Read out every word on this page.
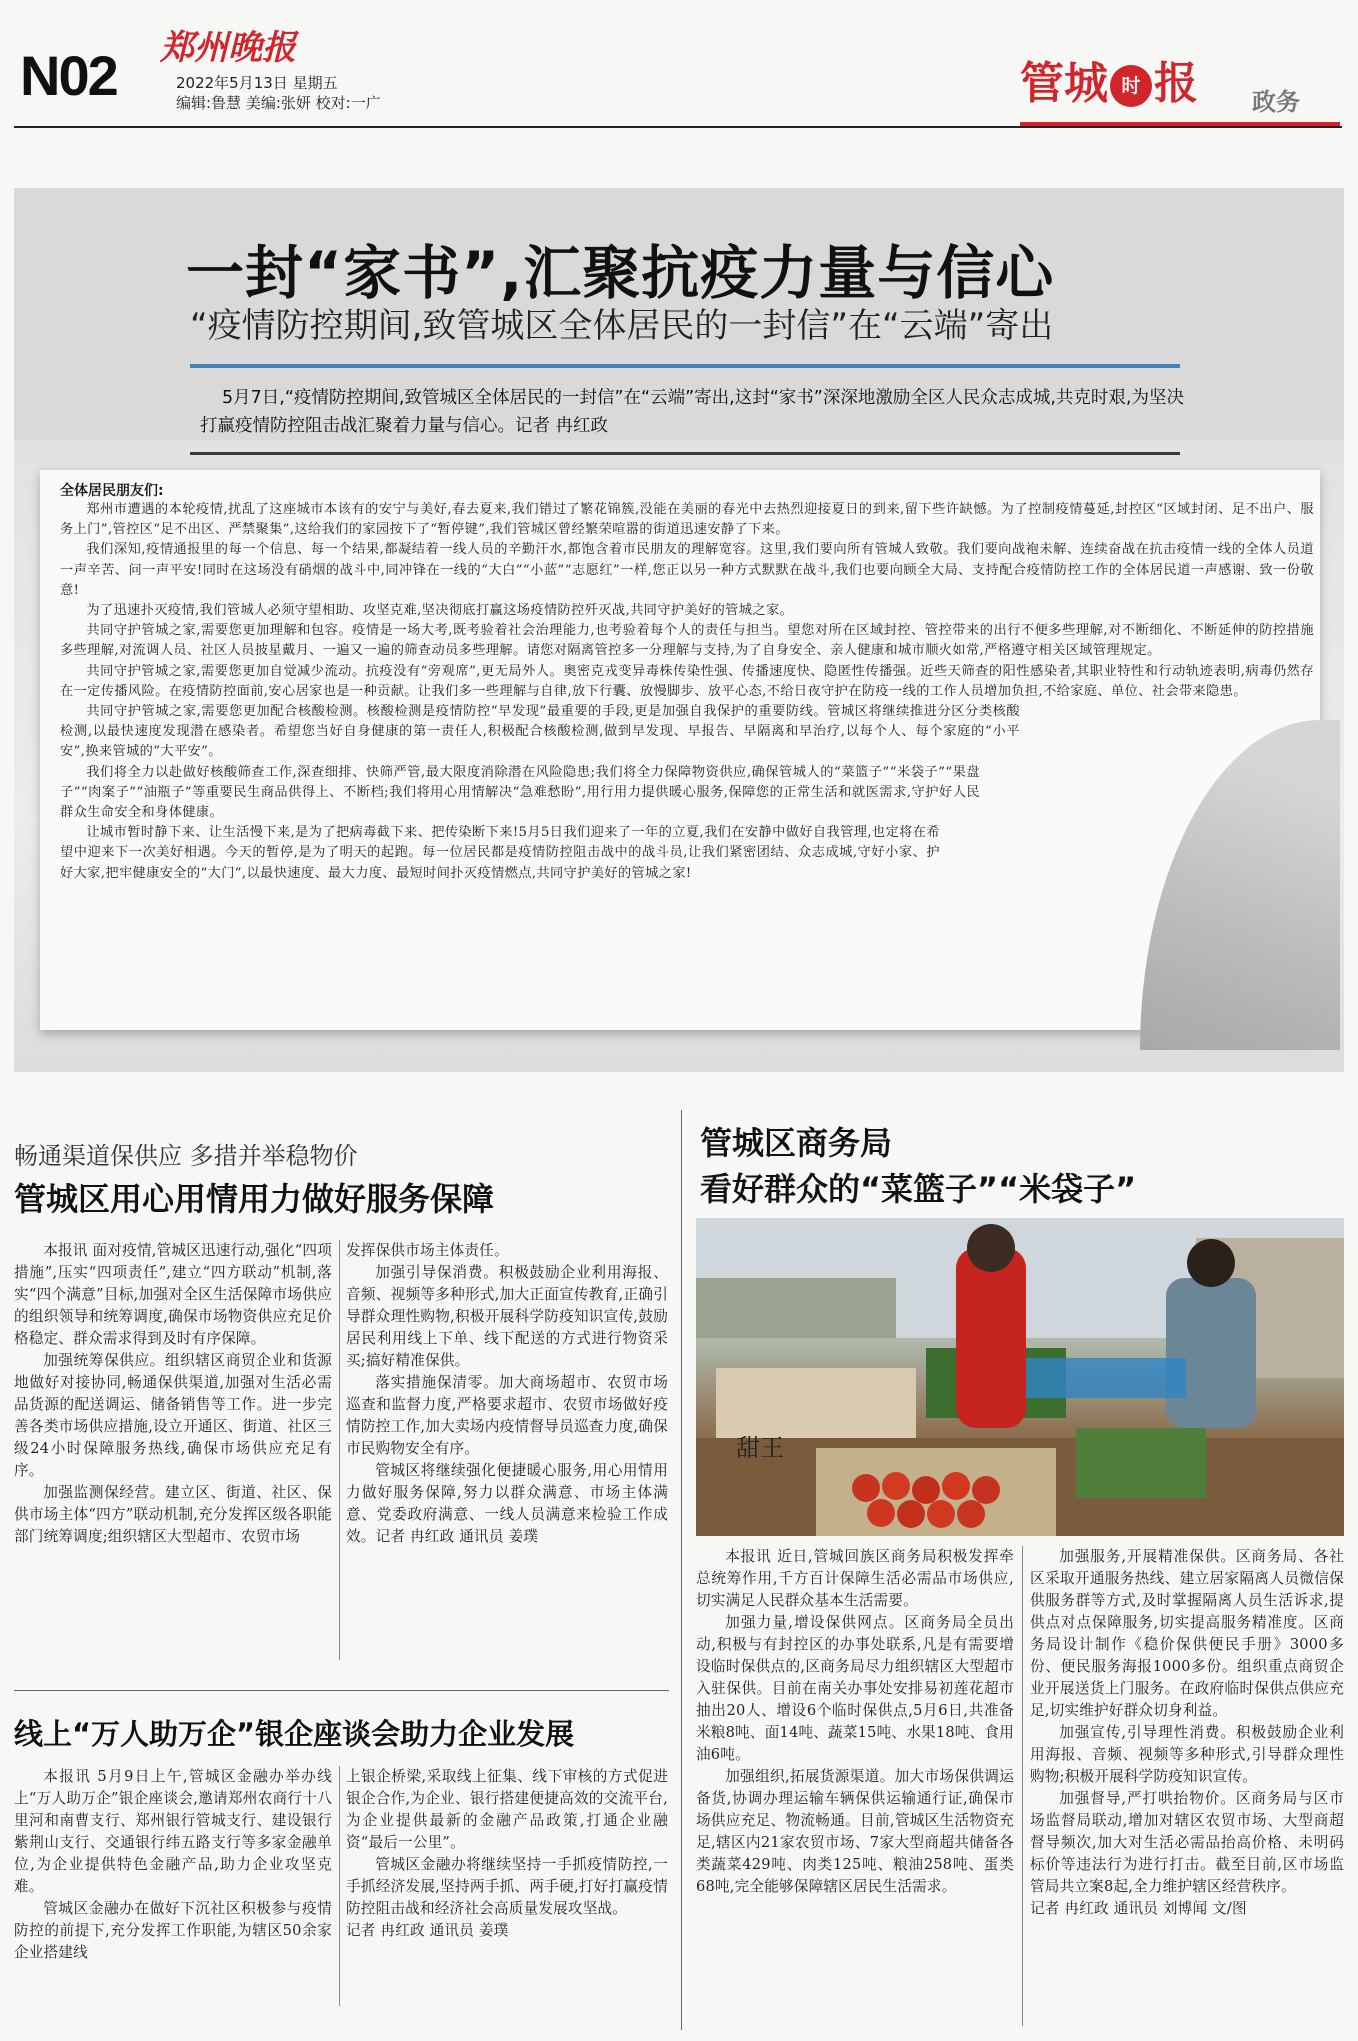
N02 郑州晚报
2022年5月13日 星期五
编辑:鲁慧 美编:张妍 校对:一广	管城 时 报 政务
一封“家书”,汇聚抗疫力量与信心
“疫情防控期间,致管城区全体居民的一封信”在“云端”寄出
5月7日,“疫情防控期间,致管城区全体居民的一封信”在“云端”寄出,这封“家书”深深地激励全区人民众志成城,共克时艰,为坚决打赢疫情防控阻击战汇聚着力量与信心。记者 冉红政
全体居民朋友们:

郑州市遭遇的本轮疫情,扰乱了这座城市本该有的安宁与美好,春去夏来,我们错过了繁花锦簇,没能在美丽的春光中去热烈迎接夏日的到来,留下些许缺憾。为了控制疫情蔓延,封控区“区域封闭、足不出户、服务上门”,管控区“足不出区、严禁聚集”,这给我们的家园按下了“暂停键”,我们管城区曾经繁荣喧嚣的街道迅速安静了下来。

我们深知,疫情通报里的每一个信息、每一个结果,都凝结着一线人员的辛勤汗水,都饱含着市民朋友的理解宽容。这里,我们要向所有管城人致敬。我们要向战袍未解、连续奋战在抗击疫情一线的全体人员道一声辛苦、问一声平安!同时在这场没有硝烟的战斗中,同冲锋在一线的“大白”“小蓝”“志愿红”一样,您正以另一种方式默默在战斗,我们也要向顾全大局、支持配合疫情防控工作的全体居民道一声感谢、致一份敬意!

为了迅速扑灭疫情,我们管城人必须守望相助、攻坚克难,坚决彻底打赢这场疫情防控歼灭战,共同守护美好的管城之家。

共同守护管城之家,需要您更加理解和包容。疫情是一场大考,既考验着社会治理能力,也考验着每个人的责任与担当。望您对所在区域封控、管控带来的出行不便多些理解,对不断细化、不断延伸的防控措施多些理解,对流调人员、社区人员披星戴月、一遍又一遍的筛查动员多些理解。请您对隔离管控多一分理解与支持,为了自身安全、亲人健康和城市顺火如常,严格遵守相关区域管理规定。

共同守护管城之家,需要您更加自觉减少流动。抗疫没有“旁观席”,更无局外人。奥密克戎变异毒株传染性强、传播速度快、隐匿性传播强。近些天筛查的阳性感染者,其职业特性和行动轨迹表明,病毒仍然存在一定传播风险。在疫情防控面前,安心居家也是一种贡献。让我们多一些理解与自律,放下行囊、放慢脚步、放平心态,不给日夜守护在防疫一线的工作人员增加负担,不给家庭、单位、社会带来隐患。

共同守护管城之家,需要您更加配合核酸检测。核酸检测是疫情防控“早发现”最重要的手段,更是加强自我保护的重要防线。管城区将继续推进分区分类核酸检测,以最快速度发现潜在感染者。希望您当好自身健康的第一责任人,积极配合核酸检测,做到早发现、早报告、早隔离和早治疗,以每个人、每个家庭的“小平安”,换来管城的“大平安”。

我们将全力以赴做好核酸筛查工作,深查细排、快筛严管,最大限度消除潜在风险隐患;我们将全力保障物资供应,确保管城人的“菜篮子”“米袋子”“果盘子”“肉案子”“油瓶子”等重要民生商品供得上、不断档;我们将用心用情解决“急难愁盼”,用行用力提供暖心服务,保障您的正常生活和就医需求,守护好人民群众生命安全和身体健康。

让城市暂时静下来、让生活慢下来,是为了把病毒截下来、把传染断下来!5月5日我们迎来了一年的立夏,我们在安静中做好自我管理,也定将在希望中迎来下一次美好相遇。今天的暂停,是为了明天的起跑。每一位居民都是疫情防控阻击战中的战斗员,让我们紧密团结、众志成城,守好小家、护好大家,把牢健康安全的“大门”,以最快速度、最大力度、最短时间扑灭疫情燃点,共同守护美好的管城之家!

畅通渠道保供应 多措并举稳物价
管城区用心用情用力做好服务保障

本报讯 面对疫情,管城区迅速行动,强化“四项措施”,压实“四项责任”,建立“四方联动”机制,落实“四个满意”目标,加强对全区生活保障市场供应的组织领导和统筹调度,确保市场物资供应充足价格稳定、群众需求得到及时有序保障。

加强统筹保供应。组织辖区商贸企业和货源地做好对接协同,畅通保供渠道,加强对生活必需品货源的配送调运、储备销售等工作。进一步完善各类市场供应措施,设立开通区、街道、社区三级24小时保障服务热线,确保市场供应充足有序。

加强监测保经营。建立区、街道、社区、保供市场主体“四方”联动机制,充分发挥区级各职能部门统筹调度;组织辖区大型超市、农贸市场

发挥保供市场主体责任。

加强引导保消费。积极鼓励企业利用海报、音频、视频等多种形式,加大正面宣传教育,正确引导群众理性购物,积极开展科学防疫知识宣传,鼓励居民利用线上下单、线下配送的方式进行物资采买;搞好精准保供。

落实措施保清零。加大商场超市、农贸市场巡查和监督力度,严格要求超市、农贸市场做好疫情防控工作,加大卖场内疫情督导员巡查力度,确保市民购物安全有序。

管城区将继续强化便捷暖心服务,用心用情用力做好服务保障,努力以群众满意、市场主体满意、党委政府满意、一线人员满意来检验工作成效。记者 冉红政 通讯员 姜璞

线上“万人助万企”银企座谈会助力企业发展

本报讯 5月9日上午,管城区金融办举办线上“万人助万企”银企座谈会,邀请郑州农商行十八里河和南曹支行、郑州银行管城支行、建设银行紫荆山支行、交通银行纬五路支行等多家金融单位,为企业提供特色金融产品,助力企业攻坚克难。

管城区金融办在做好下沉社区积极参与疫情防控的前提下,充分发挥工作职能,为辖区50余家企业搭建线

上银企桥梁,采取线上征集、线下审核的方式促进银企合作,为企业、银行搭建便捷高效的交流平台,为企业提供最新的金融产品政策,打通企业融资“最后一公里”。

管城区金融办将继续坚持一手抓疫情防控,一手抓经济发展,坚持两手抓、两手硬,打好打赢疫情防控阻击战和经济社会高质量发展攻坚战。

记者 冉红政 通讯员 姜璞

管城区商务局
看好群众的“菜篮子”“米袋子”
甜王

本报讯 近日,管城回族区商务局积极发挥牵总统筹作用,千方百计保障生活必需品市场供应,切实满足人民群众基本生活需要。

加强力量,增设保供网点。区商务局全员出动,积极与有封控区的办事处联系,凡是有需要增设临时保供点的,区商务局尽力组织辖区大型超市入驻保供。目前在南关办事处安排易初莲花超市抽出20人、增设6个临时保供点,5月6日,共准备米粮8吨、面14吨、蔬菜15吨、水果18吨、食用油6吨。

加强组织,拓展货源渠道。加大市场保供调运备货,协调办理运输车辆保供运输通行证,确保市场供应充足、物流畅通。目前,管城区生活物资充足,辖区内21家农贸市场、7家大型商超共储备各类蔬菜429吨、肉类125吨、粮油258吨、蛋类68吨,完全能够保障辖区居民生活需求。

加强服务,开展精准保供。区商务局、各社区采取开通服务热线、建立居家隔离人员微信保供服务群等方式,及时掌握隔离人员生活诉求,提供点对点保障服务,切实提高服务精准度。区商务局设计制作《稳价保供便民手册》3000多份、便民服务海报1000多份。组织重点商贸企业开展送货上门服务。在政府临时保供点供应充足,切实维护好群众切身利益。

加强宣传,引导理性消费。积极鼓励企业利用海报、音频、视频等多种形式,引导群众理性购物;积极开展科学防疫知识宣传。

加强督导,严打哄抬物价。区商务局与区市场监督局联动,增加对辖区农贸市场、大型商超督导频次,加大对生活必需品抬高价格、未明码标价等违法行为进行打击。截至目前,区市场监管局共立案8起,全力维护辖区经营秩序。

记者 冉红政 通讯员 刘博闻 文/图
